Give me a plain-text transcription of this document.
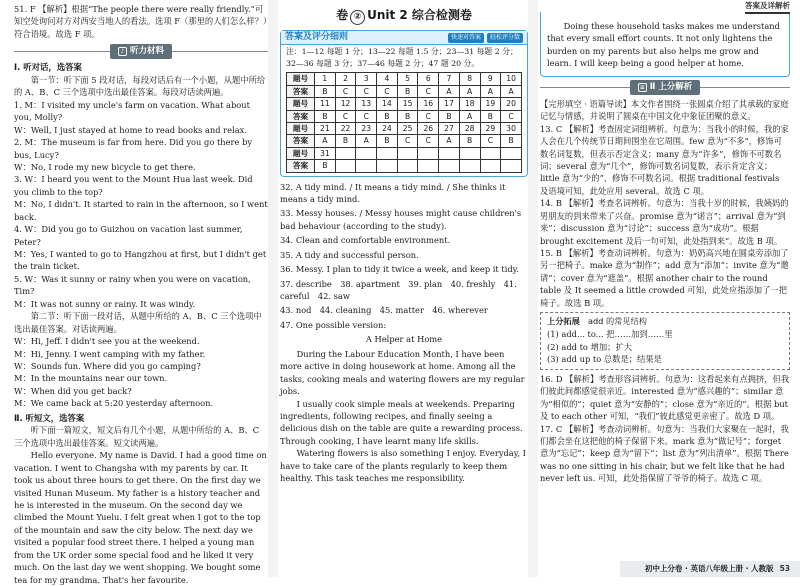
51. F 【解析】根据“The people there were really friendly.”可知空处询问对方对西安当地人的看法。选项 F（那里的人们怎么样？）符合语境。故选 F 项。

♪ 听力材料

Ⅰ. 听对话，选答案

第一节：听下面 5 段对话，每段对话后有一个小题，从题中所给的 A、B、C 三个选项中选出最佳答案。每段对话读两遍。

1. M：I visited my uncle's farm on vacation. What about you, Molly?

W：Well, I just stayed at home to read books and relax.

2. M：The museum is far from here. Did you go there by bus, Lucy?

W：No, I rode my new bicycle to get there.

3. W：I heard you went to the Mount Hua last week. Did you climb to the top?

M：No, I didn't. It started to rain in the afternoon, so I went back.

4. W：Did you go to Guizhou on vacation last summer, Peter?

M：Yes, I wanted to go to Hangzhou at first, but I didn't get the train ticket.

5. W：Was it sunny or rainy when you were on vacation, Tim?

M：It was not sunny or rainy. It was windy.

第二节：听下面一段对话，从题中所给的 A、B、C 三个选项中选出最佳答案。对话读两遍。

W：Hi, Jeff. I didn't see you at the weekend.

M：Hi, Jenny. I went camping with my father.

W：Sounds fun. Where did you go camping?

M：In the mountains near our town.

W：When did you get back?

M：We came back at 5:20 yesterday afternoon.

Ⅱ. 听短文，选答案

听下面一篇短文，短文后有几个小题，从题中所给的 A、B、C 三个选项中选出最佳答案。短文读两遍。

Hello everyone. My name is David. I had a good time on vacation. I went to Changsha with my parents by car. It took us about three hours to get there. On the first day we visited Hunan Museum. My father is a history teacher and he is interested in the museum. On the second day we climbed the Mount Yuelu. I felt great when I got to the top of the mountain and saw the city below. The next day we visited a popular food street there. I helped a young man from the UK order some special food and he liked it very much. On the last day we went shopping. We bought some tea for my grandma. That's her favourite.

卷 ② Unit 2 综合检测卷
答案及评分细则	快速对答案	轻松评分数

注：1—12 每题 1 分；13—22 每题 1.5 分；23—31 每题 2 分；32—36 每题 3 分；37—46 每题 2 分；47 题 20 分。

题号	1	2	3	4	5	6	7	8	9	10
答案	B	C	C	C	B	C	A	A	A	A
题号	11	12	13	14	15	16	17	18	19	20
答案	B	C	C	B	B	C	B	A	B	C
题号	21	22	23	24	25	26	27	28	29	30
答案	A	B	A	B	C	C	A	B	C	B
题号	31									
答案	B									

32. A tidy mind. / It means a tidy mind. / She thinks it means a tidy mind.

33. Messy houses. / Messy houses might cause children's bad behaviour (according to the study).

34. Clean and comfortable environment.

35. A tidy and successful person.

36. Messy. I plan to tidy it twice a week, and keep it tidy.

37. describe　38. apartment　39. plan　40. freshly　41. careful　42. saw

43. nod　44. cleaning　45. matter　46. wherever

47. One possible version:

A Helper at Home

During the Labour Education Month, I have been more active in doing housework at home. Among all the tasks, cooking meals and watering flowers are my regular jobs.

I usually cook simple meals at weekends. Preparing ingredients, following recipes, and finally seeing a delicious dish on the table are quite a rewarding process. Through cooking, I have learnt many life skills.

Watering flowers is also something I enjoy. Everyday, I have to take care of the plants regularly to keep them healthy. This task teaches me responsibility.

答案及详解析

Doing these household tasks makes me understand that every small effort counts. It not only lightens the burden on my parents but also helps me grow and learn. I will keep being a good helper at home.

≡ Ⅱ 上分解析

【完形填空 · 语篇导读】本文作者围绕一张圆桌介绍了其承载的家庭记忆与情感，并说明了圆桌在中国文化中象征团聚的意义。

13. C 【解析】考查固定词组辨析。句意为：当我小的时候，我的家人会在几个传统节日期间围坐在它周围。few 意为“不多”，修饰可数名词复数，但表示否定含义；many 意为“许多”，修饰不可数名词；several 意为“几个”，修饰可数名词复数，表示肯定含义；little 意为“少的”，修饰不可数名词。根据 traditional festivals 及语境可知，此处应用 several。故选 C 项。

14. B 【解析】考查名词辨析。句意为：当我十岁的时候，我姨妈的男朋友的到来带来了兴奋。promise 意为“诺言”；arrival 意为“到来”；discussion 意为“讨论”；success 意为“成功”。根据 brought excitement 及后一句可知，此处指到来”。故选 B 项。

15. B 【解析】考查动词辨析。句意为：奶奶高兴地在圆桌旁添加了另一把椅子。make 意为“制作”；add 意为“添加”；invite 意为“邀请”；cover 意为“遮盖”。根据 another chair to the round table 及 It seemed a little crowded 可知，此处应指添加了一把椅子。故选 B 项。

上分拓展　 add 的常见结构

(1) add... to... 把……加到……里

(2) add to 增加；扩大

(3) add up to 总数是；结果是

16. D 【解析】考查形容词辨析。句意为：这看起来有点拥挤，但我们彼此间都感觉很亲近。interested 意为“感兴趣的”；similar 意为“相似的”；quiet 意为“安静的”；close 意为“亲近的”。根据 but 及 to each other 可知，“我们”彼此感觉更亲密了。故选 D 项。

17. C 【解析】考查动词辨析。句意为：当我们大家聚在一起时，我们都会坐在这把他的椅子保留下来。mark 意为“做记号”；forget 意为“忘记”；keep 意为“留下”；list 意为“列出清单”。根据 There was no one sitting in his chair, but we felt like that he had never left us. 可知，此处指保留了爷爷的椅子。故选 C 项。

初中上分卷 · 英语八年级上册 · 人教版 53
